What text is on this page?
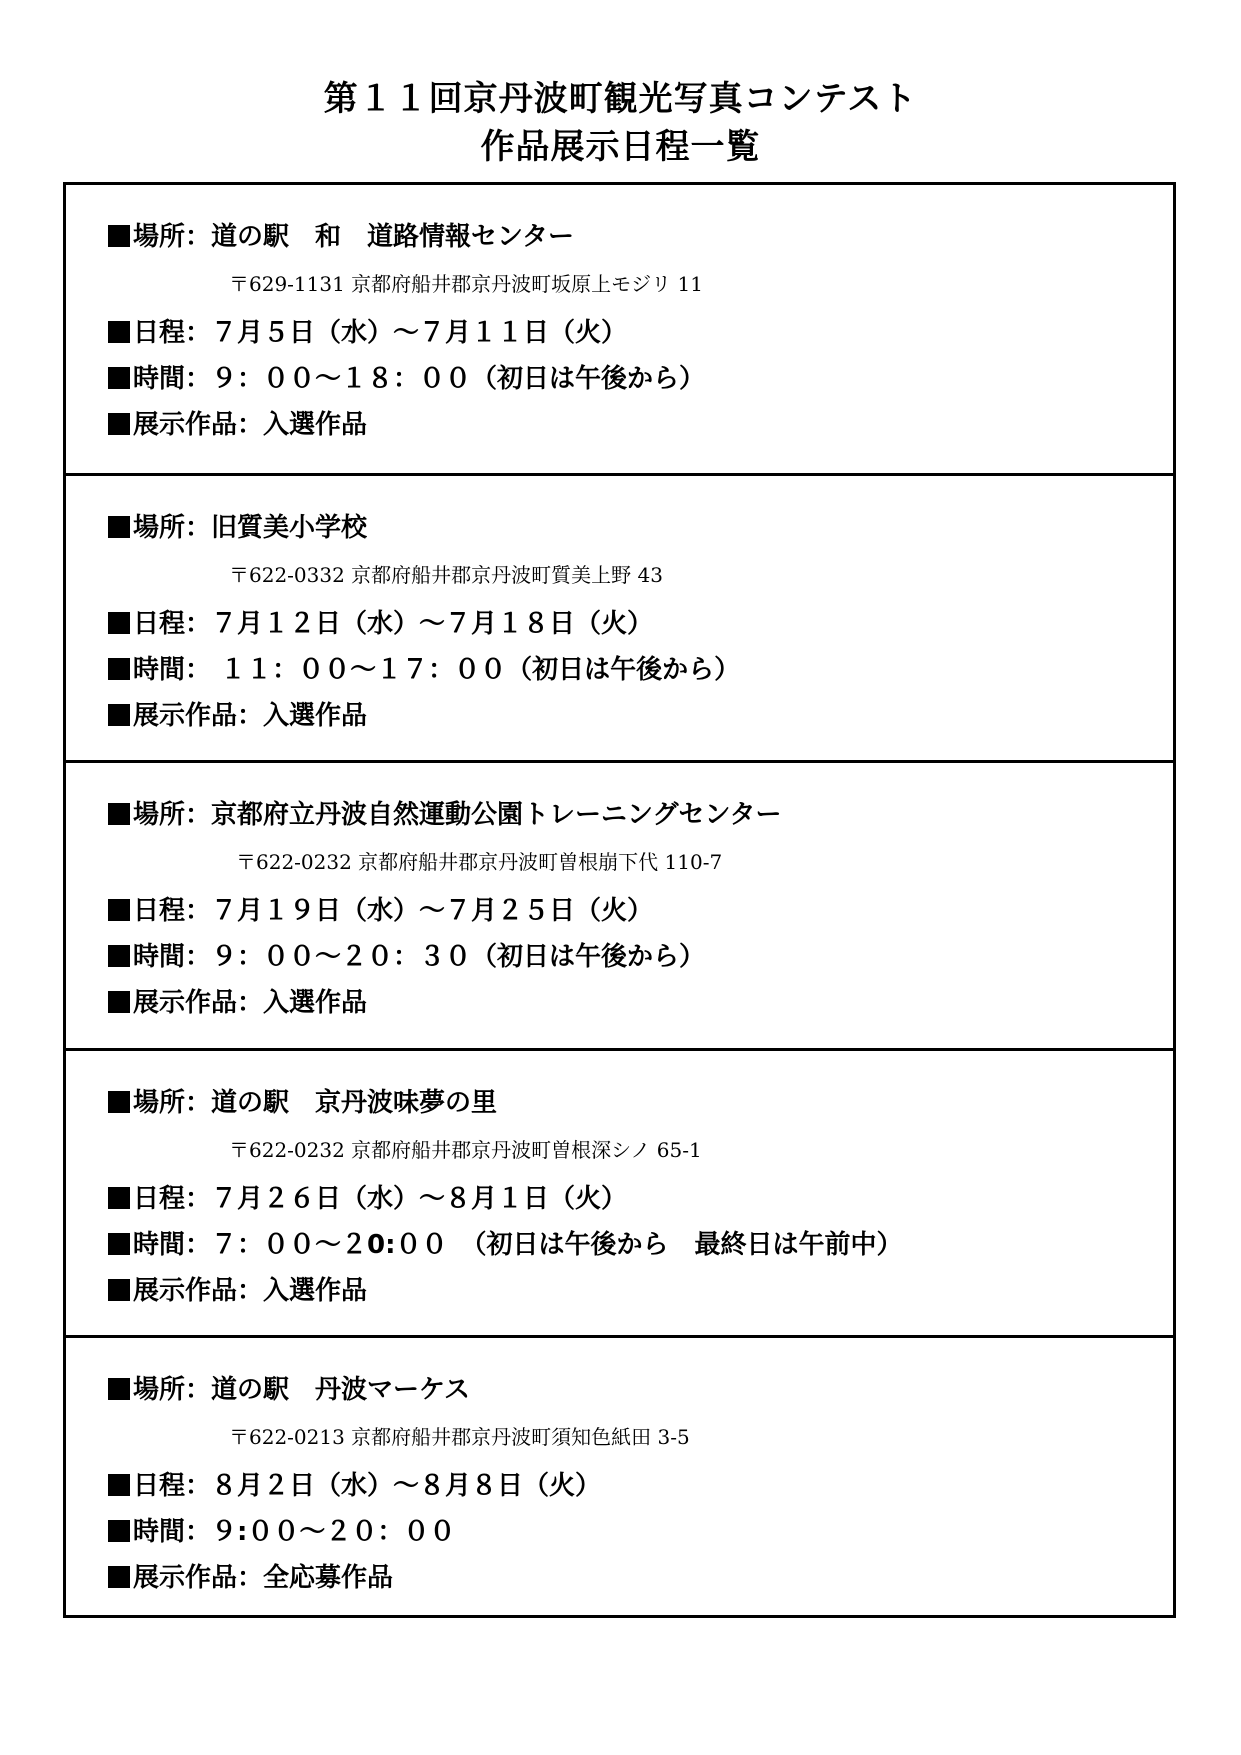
第１１回京丹波町観光写真コンテスト
作品展示日程一覧
場所：道の駅　和　道路情報センター
〒629-1131 京都府船井郡京丹波町坂原上モジリ 11
日程：７月５日（水）～７月１１日（火）
時間：９：００～１８：００（初日は午後から）
展示作品：入選作品
場所：旧質美小学校
〒622-0332 京都府船井郡京丹波町質美上野 43
日程：７月１２日（水）～７月１８日（火）
時間： １１：００～１７：００（初日は午後から）
展示作品：入選作品
場所：京都府立丹波自然運動公園トレーニングセンター
〒622-0232 京都府船井郡京丹波町曽根崩下代 110-7
日程：７月１９日（水）～７月２５日（火）
時間：９：００～２０：３０（初日は午後から）
展示作品：入選作品
場所：道の駅　京丹波味夢の里
〒622-0232 京都府船井郡京丹波町曽根深シノ 65-1
日程：７月２６日（水）～８月１日（火）
時間：７：００～２0:００　（初日は午後から　最終日は午前中）
展示作品：入選作品
場所：道の駅　丹波マーケス
〒622-0213 京都府船井郡京丹波町須知色紙田 3-5
日程：８月２日（水）～８月８日（火）
時間：９:００～２０：００
展示作品：全応募作品
